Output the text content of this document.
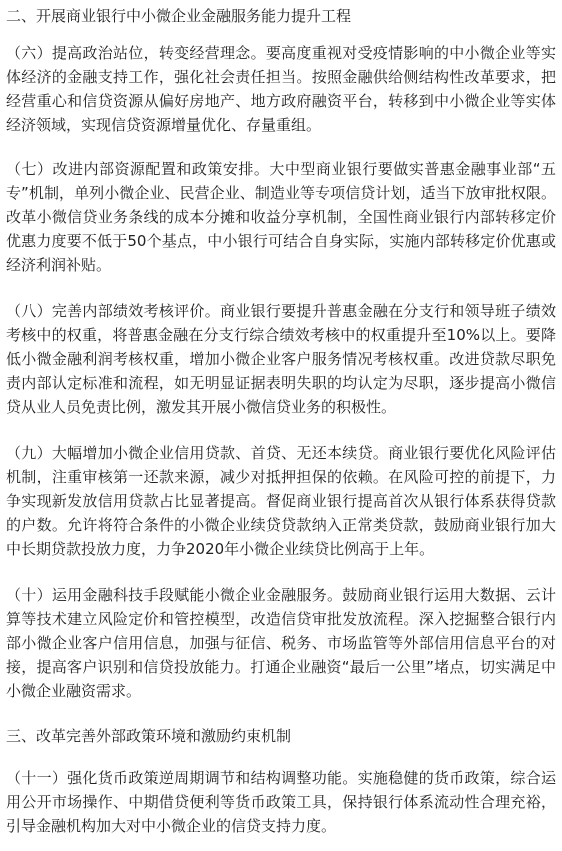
二、开展商业银行中小微企业金融服务能力提升工程

（六）提高政治站位，转变经营理念。要高度重视对受疫情影响的中小微企业等实体经济的金融支持工作，强化社会责任担当。按照金融供给侧结构性改革要求，把经营重心和信贷资源从偏好房地产、地方政府融资平台，转移到中小微企业等实体经济领域，实现信贷资源增量优化、存量重组。

（七）改进内部资源配置和政策安排。大中型商业银行要做实普惠金融事业部“五专”机制，单列小微企业、民营企业、制造业等专项信贷计划，适当下放审批权限。改革小微信贷业务条线的成本分摊和收益分享机制，全国性商业银行内部转移定价优惠力度要不低于50个基点，中小银行可结合自身实际，实施内部转移定价优惠或经济利润补贴。

（八）完善内部绩效考核评价。商业银行要提升普惠金融在分支行和领导班子绩效考核中的权重，将普惠金融在分支行综合绩效考核中的权重提升至10%以上。要降低小微金融利润考核权重，增加小微企业客户服务情况考核权重。改进贷款尽职免责内部认定标准和流程，如无明显证据表明失职的均认定为尽职，逐步提高小微信贷从业人员免责比例，激发其开展小微信贷业务的积极性。

（九）大幅增加小微企业信用贷款、首贷、无还本续贷。商业银行要优化风险评估机制，注重审核第一还款来源，减少对抵押担保的依赖。在风险可控的前提下，力争实现新发放信用贷款占比显著提高。督促商业银行提高首次从银行体系获得贷款的户数。允许将符合条件的小微企业续贷贷款纳入正常类贷款，鼓励商业银行加大中长期贷款投放力度，力争2020年小微企业续贷比例高于上年。

（十）运用金融科技手段赋能小微企业金融服务。鼓励商业银行运用大数据、云计算等技术建立风险定价和管控模型，改造信贷审批发放流程。深入挖掘整合银行内部小微企业客户信用信息，加强与征信、税务、市场监管等外部信用信息平台的对接，提高客户识别和信贷投放能力。打通企业融资“最后一公里”堵点，切实满足中小微企业融资需求。

三、改革完善外部政策环境和激励约束机制

（十一）强化货币政策逆周期调节和结构调整功能。实施稳健的货币政策，综合运用公开市场操作、中期借贷便利等货币政策工具，保持银行体系流动性合理充裕，引导金融机构加大对中小微企业的信贷支持力度。
